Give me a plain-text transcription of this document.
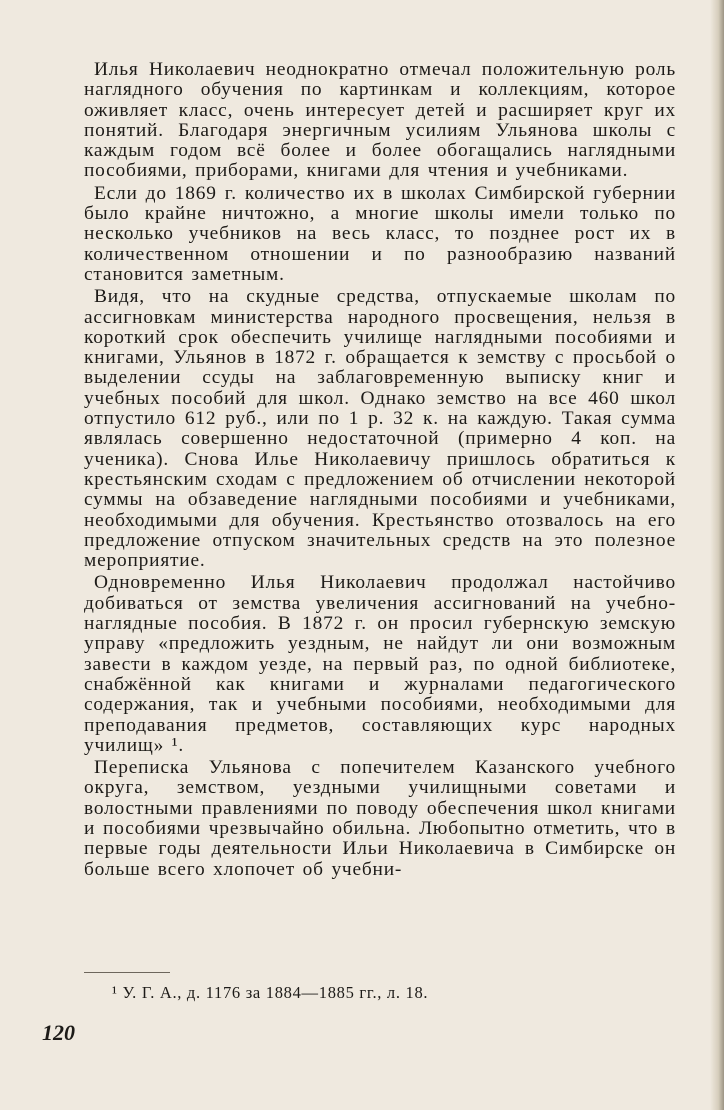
Илья Николаевич неоднократно отмечал положительную роль наглядного обучения по картинкам и коллекциям, которое оживляет класс, очень интересует детей и расширяет круг их понятий. Благодаря энергичным усилиям Ульянова школы с каждым годом всё более и более обогащались наглядными пособиями, приборами, книгами для чтения и учебниками.

Если до 1869 г. количество их в школах Симбирской губернии было крайне ничтожно, а многие школы имели только по несколько учебников на весь класс, то позднее рост их в количественном отношении и по разнообразию названий становится заметным.

Видя, что на скудные средства, отпускаемые школам по ассигновкам министерства народного просвещения, нельзя в короткий срок обеспечить училище наглядными пособиями и книгами, Ульянов в 1872 г. обращается к земству с просьбой о выделении ссуды на заблаговременную выписку книг и учебных пособий для школ. Однако земство на все 460 школ отпустило 612 руб., или по 1 р. 32 к. на каждую. Такая сумма являлась совершенно недостаточной (примерно 4 коп. на ученика). Снова Илье Николаевичу пришлось обратиться к крестьянским сходам с предложением об отчислении некоторой суммы на обзаведение наглядными пособиями и учебниками, необходимыми для обучения. Крестьянство отозвалось на его предложение отпуском значительных средств на это полезное мероприятие.

Одновременно Илья Николаевич продолжал настойчиво добиваться от земства увеличения ассигнований на учебно-наглядные пособия. В 1872 г. он просил губернскую земскую управу «предложить уездным, не найдут ли они возможным завести в каждом уезде, на первый раз, по одной библиотеке, снабжённой как книгами и журналами педагогического содержания, так и учебными пособиями, необходимыми для преподавания предметов, составляющих курс народных училищ» ¹.

Переписка Ульянова с попечителем Казанского учебного округа, земством, уездными училищными советами и волостными правлениями по поводу обеспечения школ книгами и пособиями чрезвычайно обильна. Любопытно отметить, что в первые годы деятельности Ильи Николаевича в Симбирске он больше всего хлопочет об учебни-

¹ У. Г. А., д. 1176 за 1884—1885 гг., л. 18.
120
